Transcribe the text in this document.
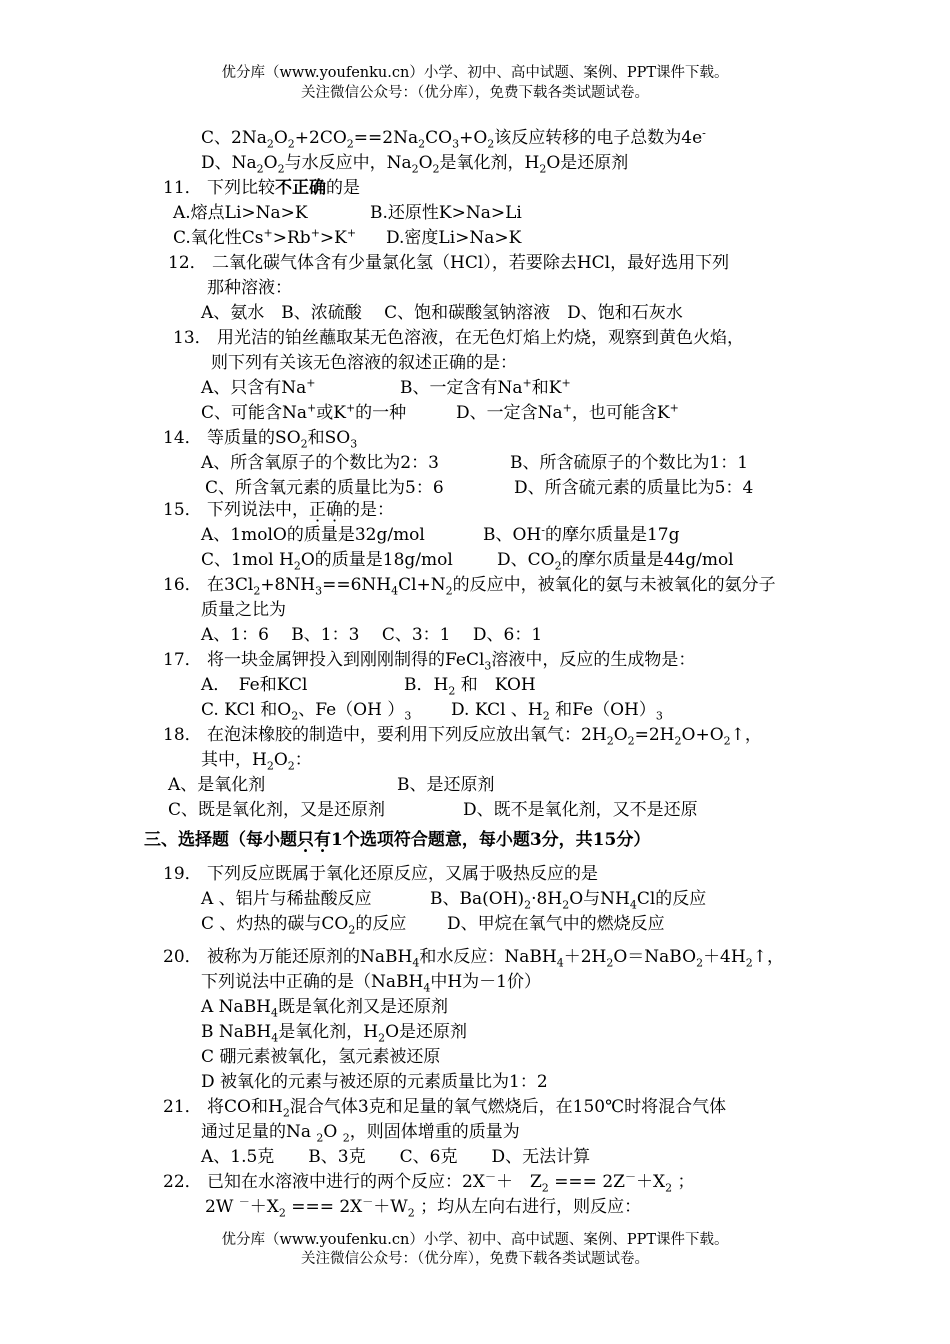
优分库（www.youfenku.cn）小学、初中、高中试题、案例、PPT课件下载。
关注微信公众号：（优分库），免费下载各类试题试卷。
C、$2Na_2O_2+2CO_2==2Na_2CO_3+O_2$该反应转移的电子总数为4e-
D、$Na_2O_2$与水反应中，$Na_2O_2$是氧化剂，$H_2O$是还原剂
11． 下列比较不正确的是
A.熔点Li>Na>K	B.还原性K>Na>Li
C.氧化性Cs+>Rb+>K+ D.密度Li>Na>K
12． 二氧化碳气体含有少量氯化氢（HCl），若要除去HCl，最好选用下列
那种溶液：
A、氨水　B、浓硫酸　 C、饱和碳酸氢钠溶液　D、饱和石灰水
13． 用光洁的铂丝蘸取某无色溶液，在无色灯焰上灼烧，观察到黄色火焰，
则下列有关该无色溶液的叙述正确的是：
A、只含有Na+	B、一定含有Na+和K+
C、可能含Na+或K+的一种	D、一定含Na+，也可能含K+
14． 等质量的$SO_2$和$SO_3$
A、所含氧原子的个数比为2：3	B、所含硫原子的个数比为1：1
C、所含氧元素的质量比为5：6	D、所含硫元素的质量比为5：4
15． 下列说法中，正确的是：
A、1molO的质量是32g/mol	B、OH-的摩尔质量是17g
C、1mol $H_2O$的质量是18g/mol	D、$CO_2$的摩尔质量是44g/mol
16． 在$3Cl_2+8NH_3==6NH_4Cl+N_2$的反应中，被氧化的氨与未被氧化的氨分子
质量之比为
A、1：6　 B、1：3　 C、3：1　 D、6：1
17． 将一块金属钾投入到刚刚制得的FeCl$_3$溶液中，反应的生成物是：
A．　Fe和KCl	B．$H_2$ 和　KOH
C. KCl 和$O_2$、Fe（OH ）$_3$ D. KCl 、$H_2$ 和$Fe(OH)_3$
18． 在泡沫橡胶的制造中，要利用下列反应放出氧气：$2H_2O_2=2H_2O+O_2↑$，
其中，$H_2O_2$：
A、是氧化剂	B、是还原剂
C、既是氧化剂，又是还原剂	D、既不是氧化剂，又不是还原
三、选择题（每小题只有1个选项符合题意，每小题3分，共15分）
19． 下列反应既属于氧化还原反应，又属于吸热反应的是
A 、铝片与稀盐酸反应	B、$Ba(OH)_2\cdot 8H_2O$与$NH_4Cl$的反应
C 、灼热的碳与$CO_2$的反应 D、甲烷在氧气中的燃烧反应
20． 被称为万能还原剂的NaBH$_4$和水反应：$NaBH_4+2H_2O=NaBO_2+4H_2↑$，
下列说法中正确的是（NaBH$_4$中H为－1价）
A NaBH$_4$既是氧化剂又是还原剂
B NaBH$_4$是氧化剂，$H_2O$是还原剂
C 硼元素被氧化，氢元素被还原
D 被氧化的元素与被还原的元素质量比为1：2
21． 将CO和$H_2$混合气体3克和足量的氧气燃烧后，在150℃时将混合气体
通过足量的Na $_2$O $_2$，则固体增重的质量为
A、1.5克　　B、3克　　C、6克　　D、无法计算
22． 已知在水溶液中进行的两个反应：2X－＋　$Z_2$ === $2Z^-+X_2$ ；
2W $^-+X_2$ === $2X^-+W_2$ ；均从左向右进行，则反应：
优分库（www.youfenku.cn）小学、初中、高中试题、案例、PPT课件下载。
关注微信公众号：（优分库），免费下载各类试题试卷。
